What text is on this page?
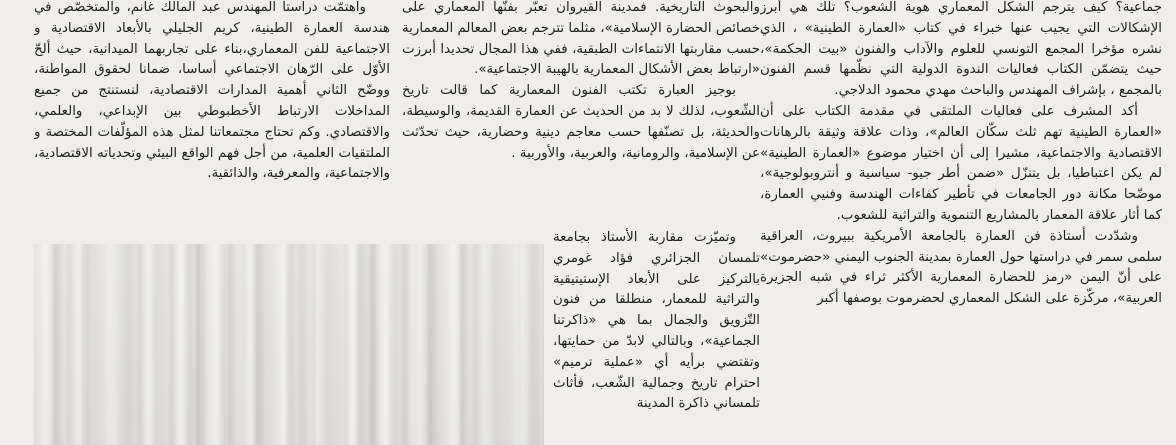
جماعية؟ كيف يترجم الشكل المعماري هوية الشعوب؟ تلك هي أبرز الإشكالات التي يجيب عنها خبراء في كتاب «العمارة الطينية» ، الذي نشره مؤخرا المجمع التونسي للعلوم والآداب والفنون «بيت الحكمة»، حيث يتضمّن الكتاب فعاليات الندوة الدولية التي نظّمها قسم الفنون بالمجمع ، بإشراف المهندس والباحث مهدي محمود الدلاجي.

أكد المشرف على فعاليات الملتقى في مقدمة الكتاب على أن «العمارة الطينية تهم ثلث سكّان العالم»، وذات علاقة وثيقة بالرهانات الاقتصادية والاجتماعية، مشيرا إلى أن اختيار موضوع «العمارة الطينية» لم يكن اعتباطيا، بل يتنزّل «ضمن أطر جيو- سياسية و أنتروبولوجية»، موضّحا مكانة دور الجامعات في تأطير كفاءات الهندسة وفنيي العمارة، كما أثار علاقة المعمار بالمشاريع التنموية والتراثية للشعوب.

وشدّدت أستاذة فن العمارة بالجامعة الأمريكية ببيروت، العراقية سلمى سمر في دراستها حول العمارة بمدينة الجنوب اليمني «حضرموت» على أنّ اليمن «رمز للحضارة المعمارية الأكثر ثراء في شبه الجزيرة العربية»، مركّزة على الشكل المعماري لحضرموت بوصفها أكبر

والبحوث التاريخية. فمدينة القيروان تعبّر بفنّها المعماري على خصائص الحضارة الإسلامية»، مثلما تترجم بعض المعالم المعمارية حسب مقاربتها الانتماءات الطبقية، ففي هذا المجال تحديدا أبرزت «ارتباط بعض الأشكال المعمارية بالهيبة الاجتماعية».

بوجيز العبارة تكتب الفنون المعمارية كما قالت تاريخ الشّعوب، لذلك لا بد من الحديث عن العمارة القديمة، والوسيطة، والحديثة، بل تصنّفها حسب معاجم دينية وحضارية، حيث تحدّثت عن الإسلامية، والرومانية، والعربية، والأوربية .

وتميّزت مقاربة الأستاذ بجامعة تلمسان الجزائري فؤاد غومري بالتركيز على الأبعاد الإستيتيقية والتراثية للمعمار، منطلقا من فنون التّزويق والجمال بما هي «ذاكرتنا الجماعية»، وبالتالي لابدّ من حمايتها، وتقتضي برأيه أي «عملية ترميم» احترام تاريخ وجمالية الشّعب، فأثاث تلمساني ذاكرة المدينة

واهتمّت دراستا المهندس عبد المالك غانم، والمتخصّص في هندسة العمارة الطينية، كريم الجليلي بالأبعاد الاقتصادية و الاجتماعية للفن المعماري،بناء على تجاربهما الميدانية، حيث ألحّ الأوّل على الرّهان الاجتماعي أساسا، ضمانا لحقوق المواطنة، ووضّح الثاني أهمية المدارات الاقتصادية، لنستنتج من جميع المداخلات الارتباط الأخطبوطي بين الإبداعي، والعلمي، والاقتصادي. وكم تحتاج مجتمعاتنا لمثل هذه المؤلّفات المختصة و الملتقيات العلمية، من أجل فهم الواقع البيئي وتحدياته الاقتصادية، والاجتماعية، والمعرفية، والذائقية.
